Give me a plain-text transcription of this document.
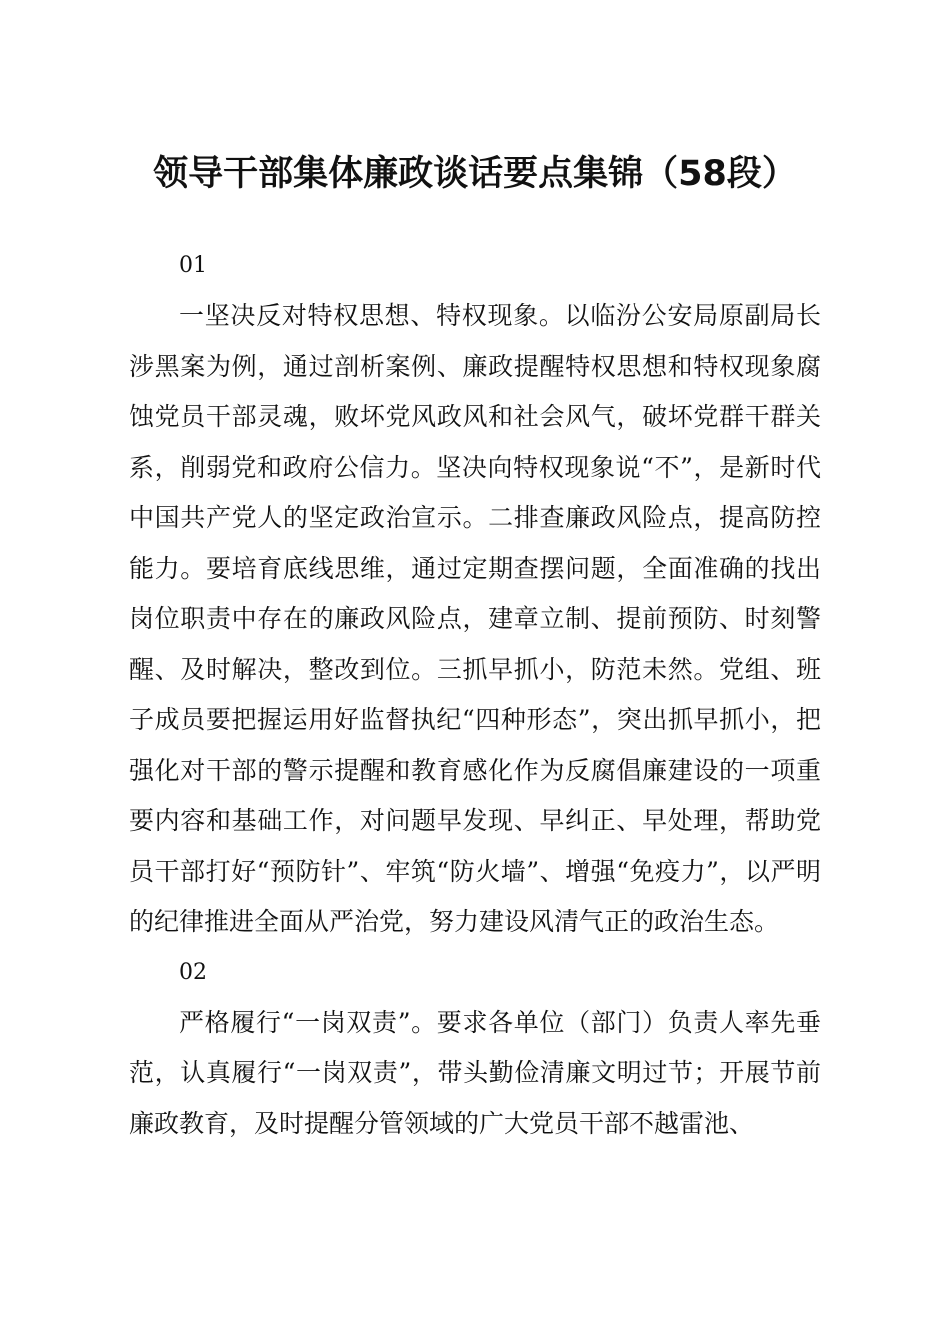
领导干部集体廉政谈话要点集锦（58段）

01

一坚决反对特权思想、特权现象。以临汾公安局原副局长涉黑案为例，通过剖析案例、廉政提醒特权思想和特权现象腐蚀党员干部灵魂，败坏党风政风和社会风气，破坏党群干群关系，削弱党和政府公信力。坚决向特权现象说“不”，是新时代中国共产党人的坚定政治宣示。二排查廉政风险点，提高防控能力。要培育底线思维，通过定期查摆问题，全面准确的找出岗位职责中存在的廉政风险点，建章立制、提前预防、时刻警醒、及时解决，整改到位。三抓早抓小，防范未然。党组、班子成员要把握运用好监督执纪“四种形态”，突出抓早抓小，把强化对干部的警示提醒和教育感化作为反腐倡廉建设的一项重要内容和基础工作，对问题早发现、早纠正、早处理，帮助党员干部打好“预防针”、牢筑“防火墙”、增强“免疫力”，以严明的纪律推进全面从严治党，努力建设风清气正的政治生态。

02

严格履行“一岗双责”。要求各单位（部门）负责人率先垂范，认真履行“一岗双责”，带头勤俭清廉文明过节；开展节前廉政教育，及时提醒分管领域的广大党员干部不越雷池、
